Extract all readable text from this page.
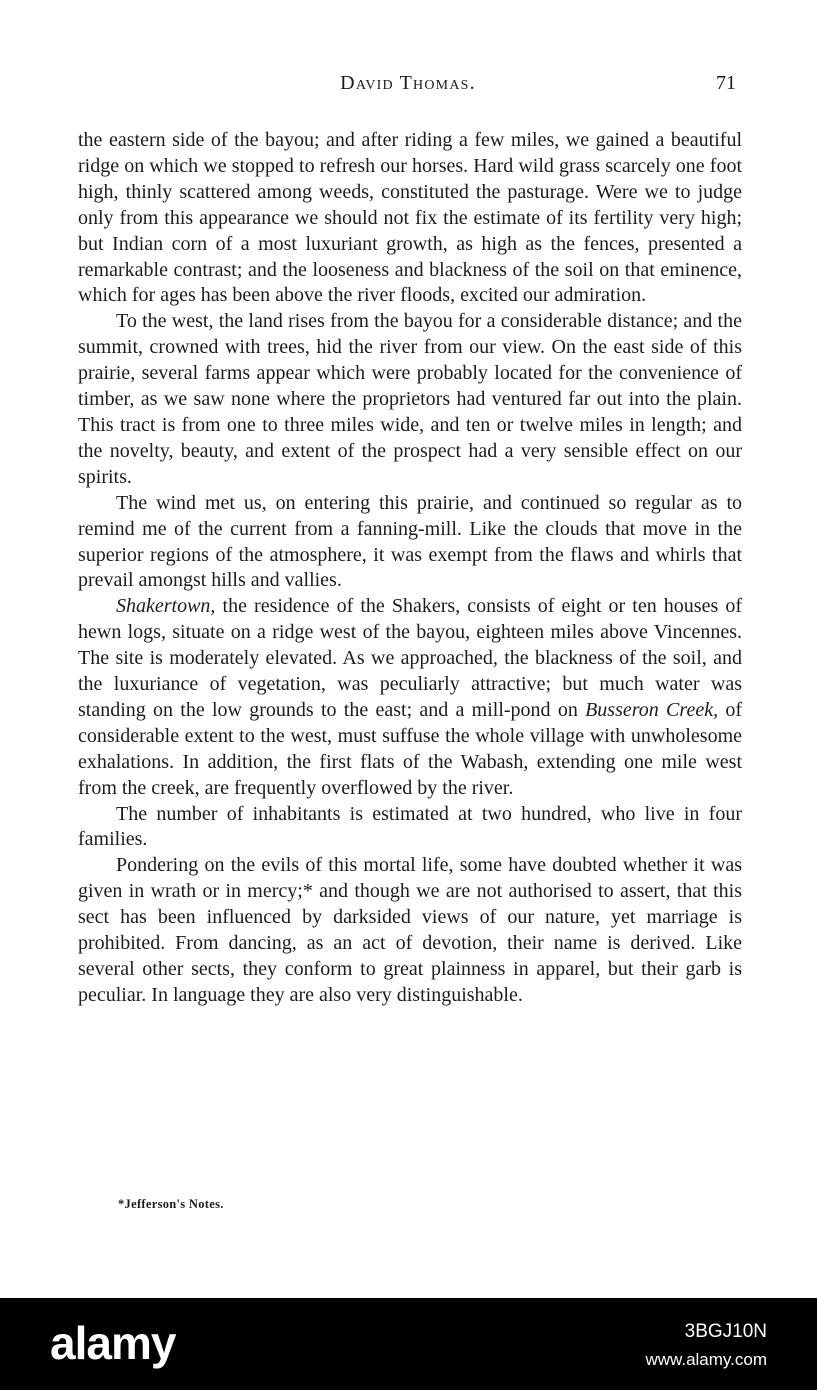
David Thomas.	71

the eastern side of the bayou; and after riding a few miles, we gained a beautiful ridge on which we stopped to refresh our horses. Hard wild grass scarcely one foot high, thinly scattered among weeds, constituted the pasturage. Were we to judge only from this appearance we should not fix the estimate of its fertility very high; but Indian corn of a most luxuriant growth, as high as the fences, presented a remarkable contrast; and the looseness and blackness of the soil on that eminence, which for ages has been above the river floods, excited our admiration.

To the west, the land rises from the bayou for a considerable distance; and the summit, crowned with trees, hid the river from our view. On the east side of this prairie, several farms appear which were probably located for the convenience of timber, as we saw none where the proprietors had ventured far out into the plain. This tract is from one to three miles wide, and ten or twelve miles in length; and the novelty, beauty, and extent of the prospect had a very sensible effect on our spirits.

The wind met us, on entering this prairie, and continued so regular as to remind me of the current from a fanning-mill. Like the clouds that move in the superior regions of the atmosphere, it was exempt from the flaws and whirls that prevail amongst hills and vallies.

Shakertown, the residence of the Shakers, consists of eight or ten houses of hewn logs, situate on a ridge west of the bayou, eighteen miles above Vincennes. The site is moderately elevated. As we approached, the blackness of the soil, and the luxuriance of vegetation, was peculiarly attractive; but much water was standing on the low grounds to the east; and a mill-pond on Busseron Creek, of considerable extent to the west, must suffuse the whole village with unwholesome exhalations. In addition, the first flats of the Wabash, extending one mile west from the creek, are frequently overflowed by the river.

The number of inhabitants is estimated at two hundred, who live in four families.

Pondering on the evils of this mortal life, some have doubted whether it was given in wrath or in mercy;* and though we are not authorised to assert, that this sect has been influenced by darksided views of our nature, yet marriage is prohibited. From dancing, as an act of devotion, their name is derived. Like several other sects, they conform to great plainness in apparel, but their garb is peculiar. In language they are also very distinguishable.

*Jefferson's Notes.
alamy	3BGJ10N
www.alamy.com
